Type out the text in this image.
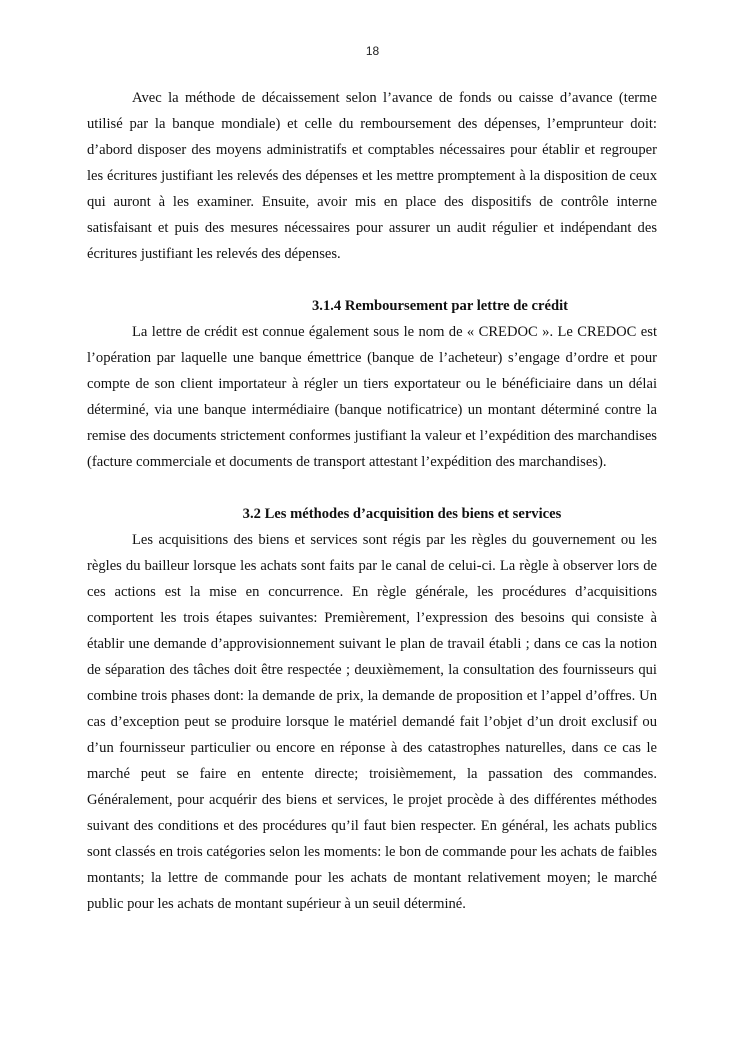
18

Avec la méthode de décaissement selon l’avance de fonds ou caisse d’avance (terme utilisé par la banque mondiale) et celle du remboursement des dépenses, l’emprunteur doit: d’abord disposer des moyens administratifs et comptables nécessaires pour établir et regrouper les écritures justifiant les relevés des dépenses et les mettre promptement à la disposition de ceux qui auront à les examiner. Ensuite, avoir mis en place des dispositifs de contrôle interne satisfaisant et puis des mesures nécessaires pour assurer un audit régulier et indépendant des écritures justifiant les relevés des dépenses.

3.1.4 Remboursement par lettre de crédit

La lettre de crédit est connue également sous le nom de « CREDOC ». Le CREDOC est l’opération par laquelle une banque émettrice (banque de l’acheteur) s’engage d’ordre et pour compte de son client importateur à régler un tiers exportateur ou le bénéficiaire dans un délai déterminé, via une banque intermédiaire (banque notificatrice) un montant déterminé contre la remise des documents strictement conformes justifiant la valeur et l’expédition des marchandises (facture commerciale et documents de transport attestant l’expédition des marchandises).

3.2 Les méthodes d’acquisition des biens et services

Les acquisitions des biens et services sont régis par les règles du gouvernement ou les règles du bailleur lorsque les achats sont faits par le canal de celui-ci. La règle à observer lors de ces actions est la mise en concurrence. En règle générale, les procédures d’acquisitions comportent les trois étapes suivantes: Premièrement, l’expression des besoins qui consiste à établir une demande d’approvisionnement suivant le plan de travail établi ; dans ce cas la notion de séparation des tâches doit être respectée ; deuxièmement, la consultation des fournisseurs qui combine trois phases dont: la demande de prix, la demande de proposition et l’appel d’offres. Un cas d’exception peut se produire lorsque le matériel demandé fait l’objet d’un droit exclusif ou d’un fournisseur particulier ou encore en réponse à des catastrophes naturelles, dans ce cas le marché peut se faire en entente directe; troisièmement, la passation des commandes. Généralement, pour acquérir des biens et services, le projet procède à des différentes méthodes suivant des conditions et des procédures qu’il faut bien respecter. En général, les achats publics sont classés en trois catégories selon les moments: le bon de commande pour les achats de faibles montants; la lettre de commande pour les achats de montant relativement moyen; le marché public pour les achats de montant supérieur à un seuil déterminé.
